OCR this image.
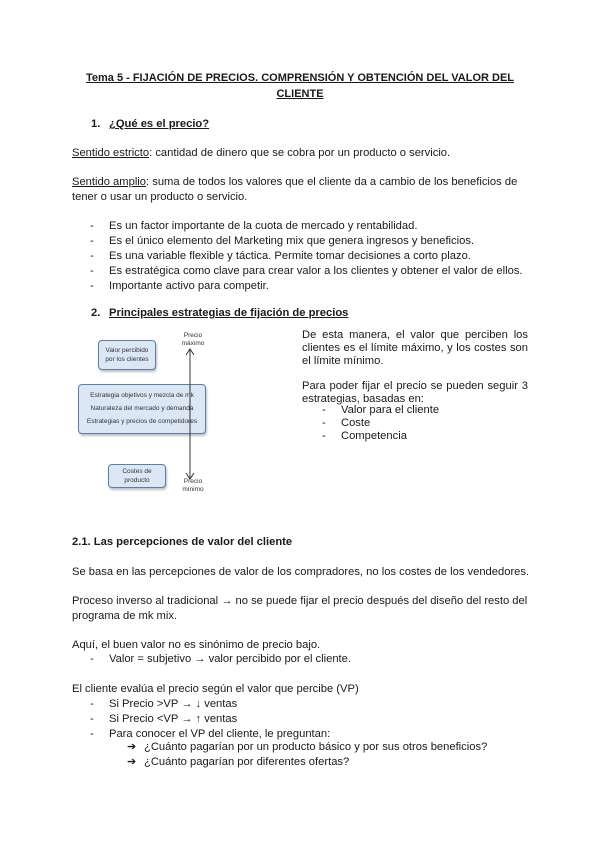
Tema 5 - FIJACIÓN DE PRECIOS. COMPRENSIÓN Y OBTENCIÓN DEL VALOR DEL CLIENTE
1. ¿Qué es el precio?
Sentido estricto: cantidad de dinero que se cobra por un producto o servicio.
Sentido amplio: suma de todos los valores que el cliente da a cambio de los beneficios de
tener o usar un producto o servicio.
- Es un factor importante de la cuota de mercado y rentabilidad.
- Es el único elemento del Marketing mix que genera ingresos y beneficios.
- Es una variable flexible y táctica. Permite tomar decisiones a corto plazo.
- Es estratégica como clave para crear valor a los clientes y obtener el valor de ellos.
- Importante activo para competir.
2. Principales estrategias de fijación de precios
Valor percibido por los clientes
Estrategia objetivos y mezcla de mk
Naturaleza del mercado y demanda
Estrategias y precios de competidores
Costes de producto
Precio máximo
Precio mínimo
De esta manera, el valor que perciben los clientes es el límite máximo, y los costes son el límite mínimo.
Para poder fijar el precio se pueden seguir 3 estrategias, basadas en:
- Valor para el cliente
- Coste
- Competencia
2.1. Las percepciones de valor del cliente
Se basa en las percepciones de valor de los compradores, no los costes de los vendedores.
Proceso inverso al tradicional → no se puede fijar el precio después del diseño del resto del
programa de mk mix.
Aquí, el buen valor no es sinónimo de precio bajo.
- Valor = subjetivo → valor percibido por el cliente.
El cliente evalúa el precio según el valor que percibe (VP)
- Si Precio >VP → ↓ ventas
- Si Precio <VP → ↑ ventas
- Para conocer el VP del cliente, le preguntan:
➔ ¿Cuánto pagarían por un producto básico y por sus otros beneficios?
➔ ¿Cuánto pagarían por diferentes ofertas?
